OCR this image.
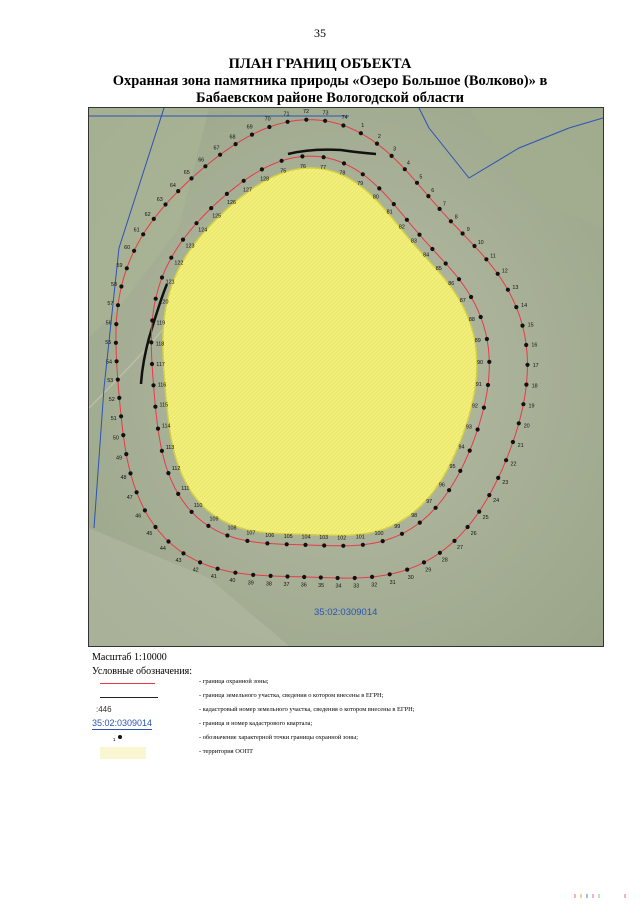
35
ПЛАН ГРАНИЦ ОБЪЕКТА
Охранная зона памятника природы «Озеро Большое (Волково)» в
Бабаевском районе Вологодской области
1
2
3
4
5
6
7
8
9
10
11
12
13
14
15
16
17
18
19
20
21
22
23
24
25
26
27
28
29
30
31
32
33
34
35
36
37
38
39
40
41
42
43
44
45
46
47
48
49
50
51
52
53
54
55
56
57
58
59
60
61
62
63
64
65
66
67
68
69
70
71	72	73
74
75
76	77
78
79
80
81
82
83
84
85
86
87
88
89
90
91
92
93
94
95
96
97
98
99
100
101
102
103
104
105
106
107
108
109
110
111
112
113
114
115
116
117
118
119
120
121
122
123
124
125
126
127
128
35:02:0309014
Масштаб 1:10000
Условные обозначения:
- граница охранной зоны;
- граница земельного участка, сведения о котором внесены в ЕГРН;
:446	- кадастровый номер земельного участка, сведения о котором внесены в ЕГРН;
35:02:0309014	- граница и номер кадастрового квартала;
1	- обозначение характерной точки границы охранной зоны;
- территория ООПТ
